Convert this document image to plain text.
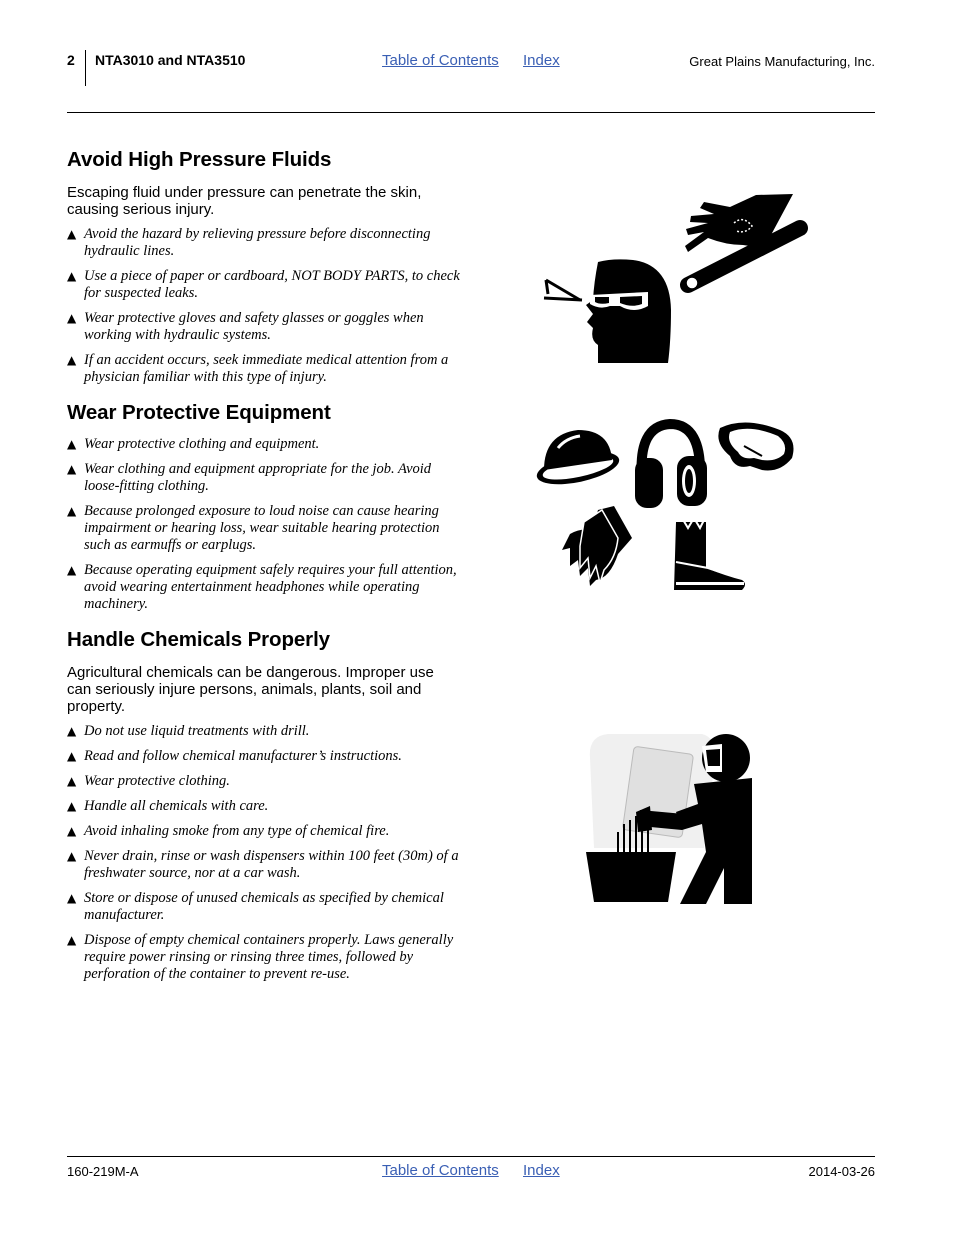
2 NTA3010 and NTA3510	Table of Contents Index	Great Plains Manufacturing, Inc.
Avoid High Pressure Fluids
Escaping fluid under pressure can penetrate the skin, causing serious injury.
▲ Avoid the hazard by relieving pressure before disconnecting hydraulic lines.
▲ Use a piece of paper or cardboard, NOT BODY PARTS, to check for suspected leaks.
▲ Wear protective gloves and safety glasses or goggles when working with hydraulic systems.
▲ If an accident occurs, seek immediate medical attention from a physician familiar with this type of injury.
Wear Protective Equipment
▲ Wear protective clothing and equipment.
▲ Wear clothing and equipment appropriate for the job. Avoid loose-fitting clothing.
▲ Because prolonged exposure to loud noise can cause hearing impairment or hearing loss, wear suitable hearing protection such as earmuffs or earplugs.
▲ Because operating equipment safely requires your full attention, avoid wearing entertainment headphones while operating machinery.
Handle Chemicals Properly
Agricultural chemicals can be dangerous. Improper use can seriously injure persons, animals, plants, soil and property.
▲ Do not use liquid treatments with drill.
▲ Read and follow chemical manufacturer’s instructions.
▲ Wear protective clothing.
▲ Handle all chemicals with care.
▲ Avoid inhaling smoke from any type of chemical fire.
▲ Never drain, rinse or wash dispensers within 100 feet (30m) of a freshwater source, nor at a car wash.
▲ Store or dispose of unused chemicals as specified by chemical manufacturer.
▲ Dispose of empty chemical containers properly. Laws generally require power rinsing or rinsing three times, followed by perforation of the container to prevent re-use.
160-219M-A	Table of Contents Index	2014-03-26
